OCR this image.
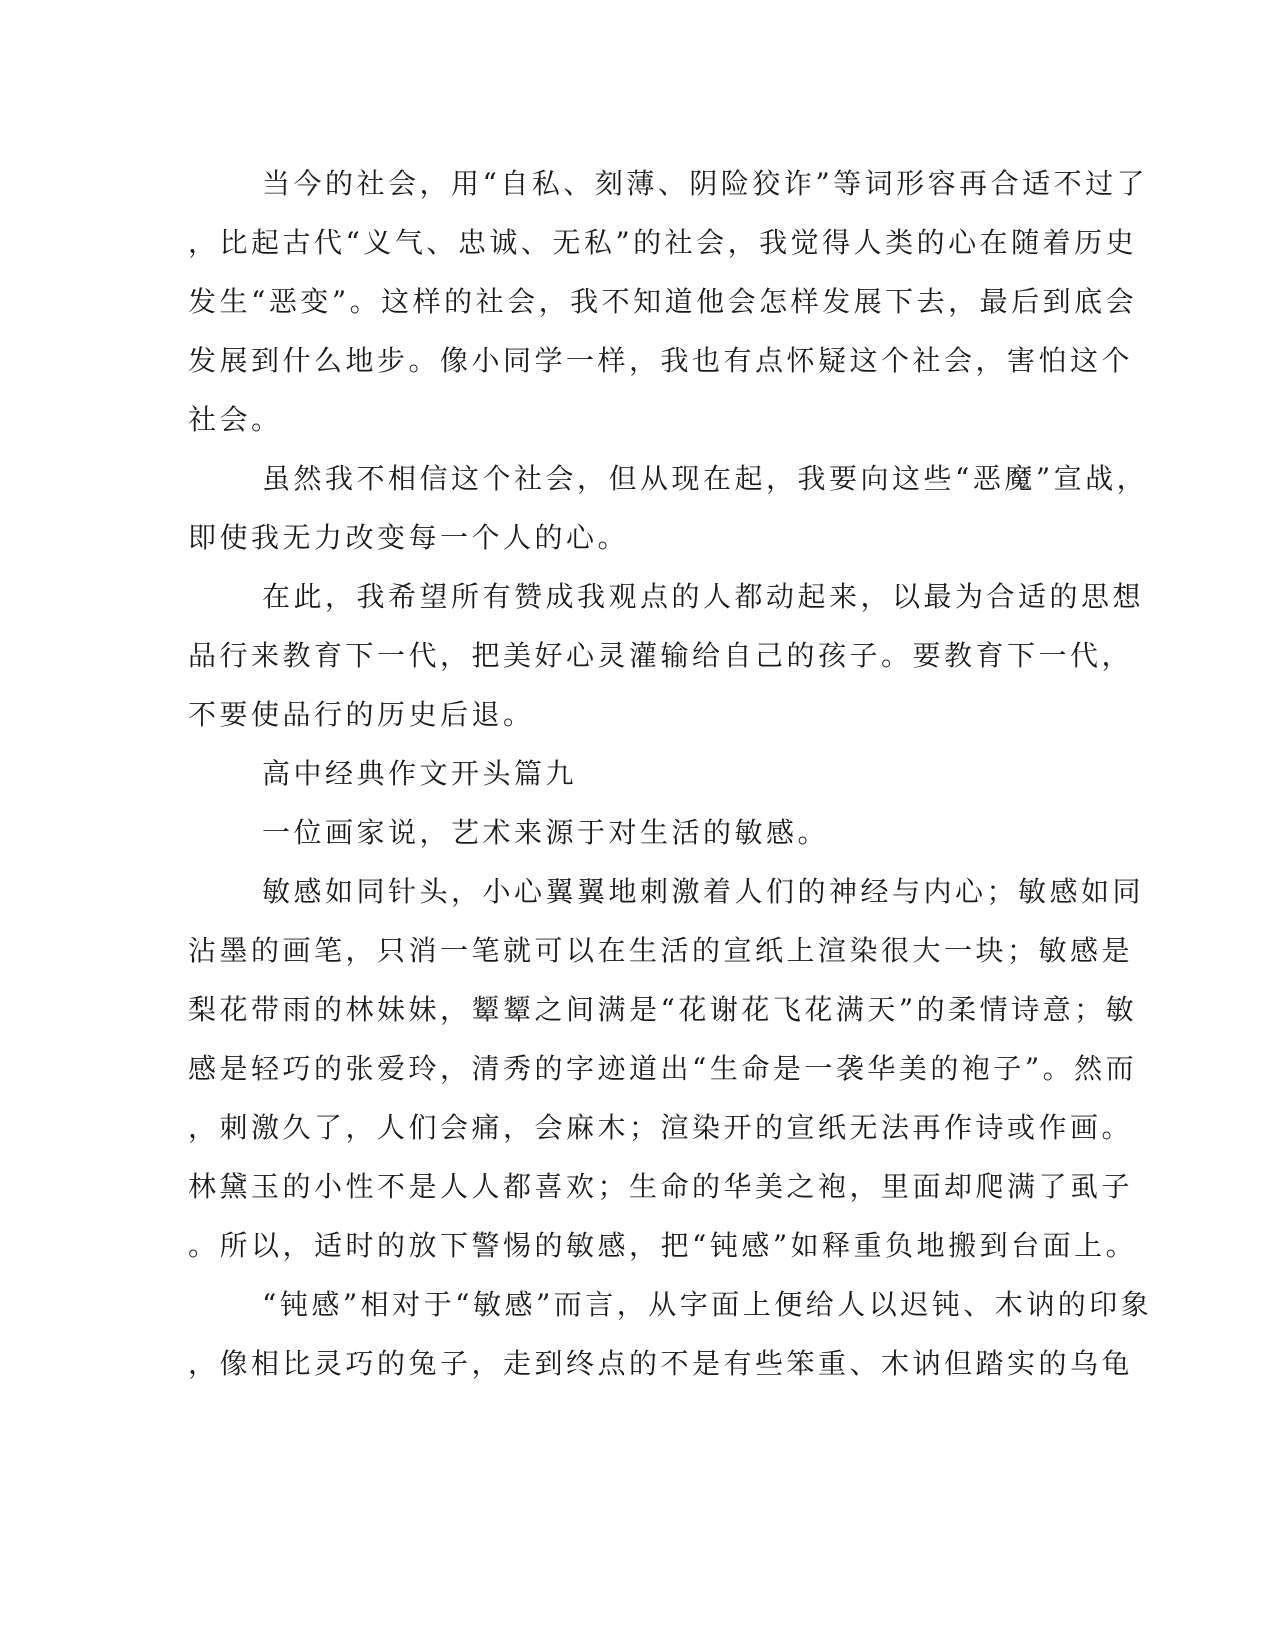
当今的社会，用“自私、刻薄、阴险狡诈”等词形容再合适不过了
，比起古代“义气、忠诚、无私”的社会，我觉得人类的心在随着历史
发生“恶变”。这样的社会，我不知道他会怎样发展下去，最后到底会
发展到什么地步。像小同学一样，我也有点怀疑这个社会，害怕这个
社会。
虽然我不相信这个社会，但从现在起，我要向这些“恶魔”宣战，
即使我无力改变每一个人的心。
在此，我希望所有赞成我观点的人都动起来，以最为合适的思想
品行来教育下一代，把美好心灵灌输给自己的孩子。要教育下一代，
不要使品行的历史后退。
高中经典作文开头篇九
一位画家说，艺术来源于对生活的敏感。
敏感如同针头，小心翼翼地刺激着人们的神经与内心；敏感如同
沾墨的画笔，只消一笔就可以在生活的宣纸上渲染很大一块；敏感是
梨花带雨的林妹妹，颦颦之间满是“花谢花飞花满天”的柔情诗意；敏
感是轻巧的张爱玲，清秀的字迹道出“生命是一袭华美的袍子”。然而
，刺激久了，人们会痛，会麻木；渲染开的宣纸无法再作诗或作画。
林黛玉的小性不是人人都喜欢；生命的华美之袍，里面却爬满了虱子
。所以，适时的放下警惕的敏感，把“钝感”如释重负地搬到台面上。
“钝感”相对于“敏感”而言，从字面上便给人以迟钝、木讷的印象
，像相比灵巧的兔子，走到终点的不是有些笨重、木讷但踏实的乌龟
